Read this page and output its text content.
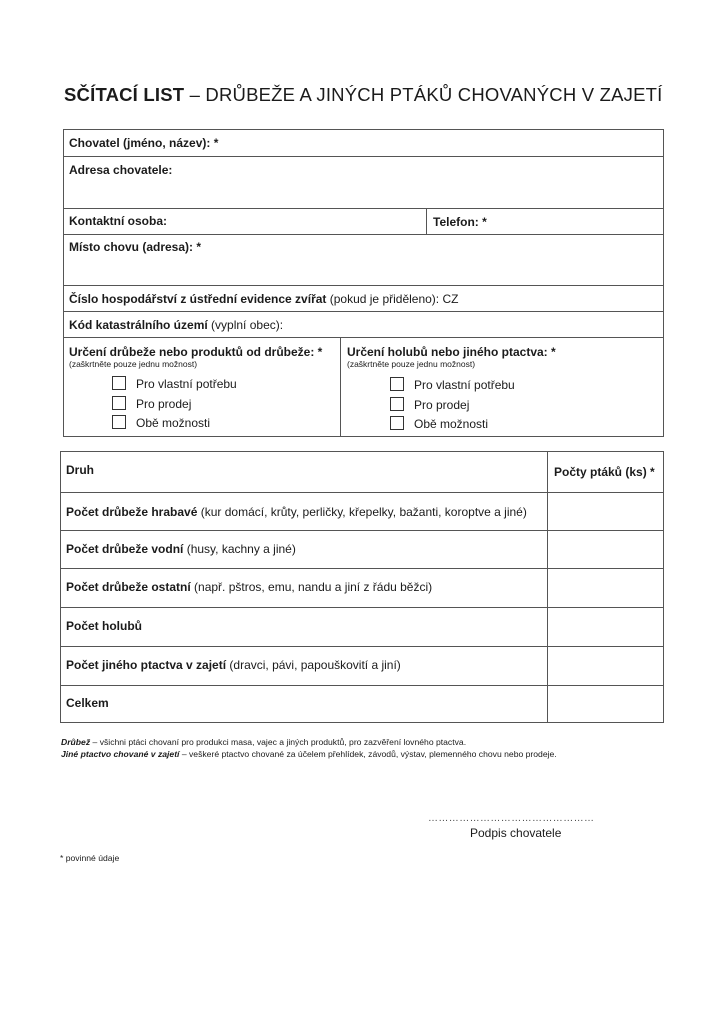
SČÍTACÍ LIST – DRŮBEŽE A JINÝCH PTÁKŮ CHOVANÝCH V ZAJETÍ
Chovatel (jméno, název): *
Adresa chovatele:
Kontaktní osoba:	Telefon: *
Místo chovu (adresa): *
Číslo hospodářství z ústřední evidence zvířat (pokud je přiděleno): CZ
Kód katastrálního území (vyplní obec):
Určení drůbeže nebo produktů od drůbeže: *
(zaškrtněte pouze jednu možnost)
Pro vlastní potřebu
Pro prodej
Obě možnosti
Určení holubů nebo jiného ptactva: *
(zaškrtněte pouze jednu možnost)
Pro vlastní potřebu
Pro prodej
Obě možnosti
Druh	Počty ptáků (ks) *
Počet drůbeže hrabavé (kur domácí, krůty, perličky, křepelky, bažanti, koroptve a jiné)
Počet drůbeže vodní (husy, kachny a jiné)
Počet drůbeže ostatní (např. pštros, emu, nandu a jiní z řádu běžci)
Počet holubů
Počet jiného ptactva v zajetí (dravci, pávi, papouškovití a jiní)
Celkem
Drůbež – všichni ptáci chovaní pro produkci masa, vajec a jiných produktů, pro zazvěření lovného ptactva.
Jiné ptactvo chované v zajetí – veškeré ptactvo chované za účelem přehlídek, závodů, výstav, plemenného chovu nebo prodeje.
…………………………………………
Podpis chovatele
* povinné údaje
